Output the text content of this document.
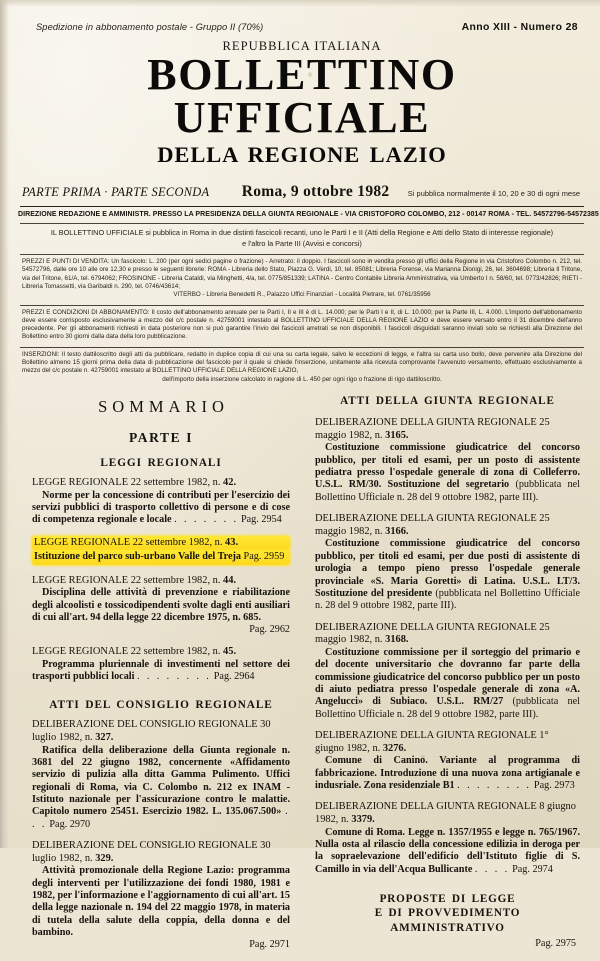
Spedizione in abbonamento postale - Gruppo II (70%)	Anno XIII - Numero 28
REPUBBLICA ITALIANA
BOLLETTINO UFFICIALE
DELLA REGIONE LAZIO
PARTE PRIMA · PARTE SECONDA	Roma, 9 ottobre 1982 Si pubblica normalmente il 10, 20 e 30 di ogni mese
DIREZIONE REDAZIONE E AMMINISTR. PRESSO LA PRESIDENZA DELLA GIUNTA REGIONALE - VIA CRISTOFORO COLOMBO, 212 - 00147 ROMA - TEL. 54572796-54572385
IL BOLLETTINO UFFICIALE si pubblica in Roma in due distinti fascicoli recanti, uno le Parti I e II (Atti della Regione e Atti dello Stato di interesse regionale)
e l'altro la Parte III (Avvisi e concorsi)
PREZZI E PUNTI DI VENDITA: Un fascicolo: L. 200 (per ogni sedici pagine o frazione) - Arretrato: il doppio. I fascicoli sono in vendita presso gli uffici della Regione in via Cristoforo Colombo n. 212, tel. 54572796, dalle ore 10 alle ore 12,30 e presso le seguenti librerie: ROMA - Libreria dello Stato, Piazza G. Verdi, 10, tel. 85081; Libreria Forense, via Marianna Dionigi, 26, tel. 3604698; Libreria Il Tritone, via del Tritone, 61/A, tel. 6794062; FROSINONE - Libreria Cataldi, via Minghetti, 4/a, tel. 0775/851339; LATINA - Centro Contabile Libreria Amministrativa, via Umberto I n. 58/60, tel. 0773/42826; RIETI - Libreria Tomassetti, via Garibaldi n. 290, tel. 0746/43614;
VITERBO - Libreria Benedetti R., Palazzo Uffici Finanziari - Località Pietrare, tel. 0761/35956
PREZZI E CONDIZIONI DI ABBONAMENTO: Il costo dell'abbonamento annuale per le Parti I, II e III è di L. 14.000; per le Parti I e II, di L. 10.000; per la Parte III, L. 4.000. L'importo dell'abbonamento deve essere corrisposto esclusivamente a mezzo del c/c postale n. 42759001 intestato al BOLLETTINO UFFICIALE DELLA REGIONE LAZIO e deve essere versato entro il 31 dicembre dell'anno precedente. Per gli abbonamenti richiesti in data posteriore non si può garantire l'invio dei fascicoli arretrati se non disponibili. I fascicoli disguidati saranno inviati solo se richiesti alla Direzione del Bollettino entro 30 giorni dalla data della loro pubblicazione.
INSERZIONI: Il testo dattiloscritto degli atti da pubblicare, redatto in duplice copia di cui una su carta legale, salvo le eccezioni di legge, e l'altra su carta uso bollo, deve pervenire alla Direzione del Bollettino almeno 15 giorni prima della data di pubblicazione del fascicolo per il quale si chiede l'inserzione, unitamente alla ricevuta comprovante l'avvenuto versamento, effettuato esclusivamente a mezzo del c/c postale n. 42759001 intestato al BOLLETTINO UFFICIALE DELLA REGIONE LAZIO,
dell'importo della inserzione calcolato in ragione di L. 450 per ogni rigo o frazione di rigo dattiloscritto.
SOMMARIO
PARTE I
LEGGI REGIONALI
LEGGE REGIONALE 22 settembre 1982, n. 42.
Norme per la concessione di contributi per l'esercizio dei servizi pubblici di trasporto collettivo di persone e di cose di competenza regionale e locale . . . . . . . Pag. 2954
LEGGE REGIONALE 22 settembre 1982, n. 43.
Istituzione del parco sub-urbano Valle del Treja Pag. 2959
LEGGE REGIONALE 22 settembre 1982, n. 44.
Disciplina delle attività di prevenzione e riabilitazione degli alcoolisti e tossicodipendenti svolte dagli enti ausiliari di cui all'art. 94 della legge 22 dicembre 1975, n. 685.
Pag. 2962
LEGGE REGIONALE 22 settembre 1982, n. 45.
Programma pluriennale di investimenti nel settore dei trasporti pubblici locali . . . . . . . . Pag. 2964
ATTI DEL CONSIGLIO REGIONALE
DELIBERAZIONE DEL CONSIGLIO REGIONALE 30 luglio 1982, n. 327.
Ratifica della deliberazione della Giunta regionale n. 3681 del 22 giugno 1982, concernente «Affidamento servizio di pulizia alla ditta Gamma Pulimento. Uffici regionali di Roma, via C. Colombo n. 212 ex INAM - Istituto nazionale per l'assicurazione contro le malattie. Capitolo numero 25451. Esercizio 1982. L. 135.067.500» . . . Pag. 2970
DELIBERAZIONE DEL CONSIGLIO REGIONALE 30 luglio 1982, n. 329.
Attività promozionale della Regione Lazio: programma degli interventi per l'utilizzazione dei fondi 1980, 1981 e 1982, per l'informazione e l'aggiornamento di cui all'art. 15 della legge nazionale n. 194 del 22 maggio 1978, in materia di tutela della salute della coppia, della donna e del bambino.
Pag. 2971
ATTI DELLA GIUNTA REGIONALE
DELIBERAZIONE DELLA GIUNTA REGIONALE 25 maggio 1982, n. 3165.
Costituzione commissione giudicatrice del concorso pubblico, per titoli ed esami, per un posto di assistente pediatra presso l'ospedale generale di zona di Colleferro. U.S.L. RM/30. Sostituzione del segretario (pubblicata nel Bollettino Ufficiale n. 28 del 9 ottobre 1982, parte III).
DELIBERAZIONE DELLA GIUNTA REGIONALE 25 maggio 1982, n. 3166.
Costituzione commissione giudicatrice del concorso pubblico, per titoli ed esami, per due posti di assistente di urologia a tempo pieno presso l'ospedale generale provinciale «S. Maria Goretti» di Latina. U.S.L. LT/3. Sostituzione del presidente (pubblicata nel Bollettino Ufficiale n. 28 del 9 ottobre 1982, parte III).
DELIBERAZIONE DELLA GIUNTA REGIONALE 25 maggio 1982, n. 3168.
Costituzione commissione per il sorteggio del primario e del docente universitario che dovranno far parte della commissione giudicatrice del concorso pubblico per un posto di aiuto pediatra presso l'ospedale generale di zona «A. Angelucci» di Subiaco. U.S.L. RM/27 (pubblicata nel Bollettino Ufficiale n. 28 del 9 ottobre 1982, parte III).
DELIBERAZIONE DELLA GIUNTA REGIONALE 1° giugno 1982, n. 3276.
Comune di Canino. Variante al programma di fabbricazione. Introduzione di una nuova zona artigianale e indusriale. Zona residenziale B1 . . . . . . . . Pag. 2973
DELIBERAZIONE DELLA GIUNTA REGIONALE 8 giugno 1982, n. 3379.
Comune di Roma. Legge n. 1357/1955 e legge n. 765/1967. Nulla osta al rilascio della concessione edilizia in deroga per la sopraelevazione dell'edificio dell'Istituto figlie di S. Camillo in via dell'Acqua Bullicante . . . . Pag. 2974
PROPOSTE DI LEGGE
E DI PROVVEDIMENTO AMMINISTRATIVO
Pag. 2975
